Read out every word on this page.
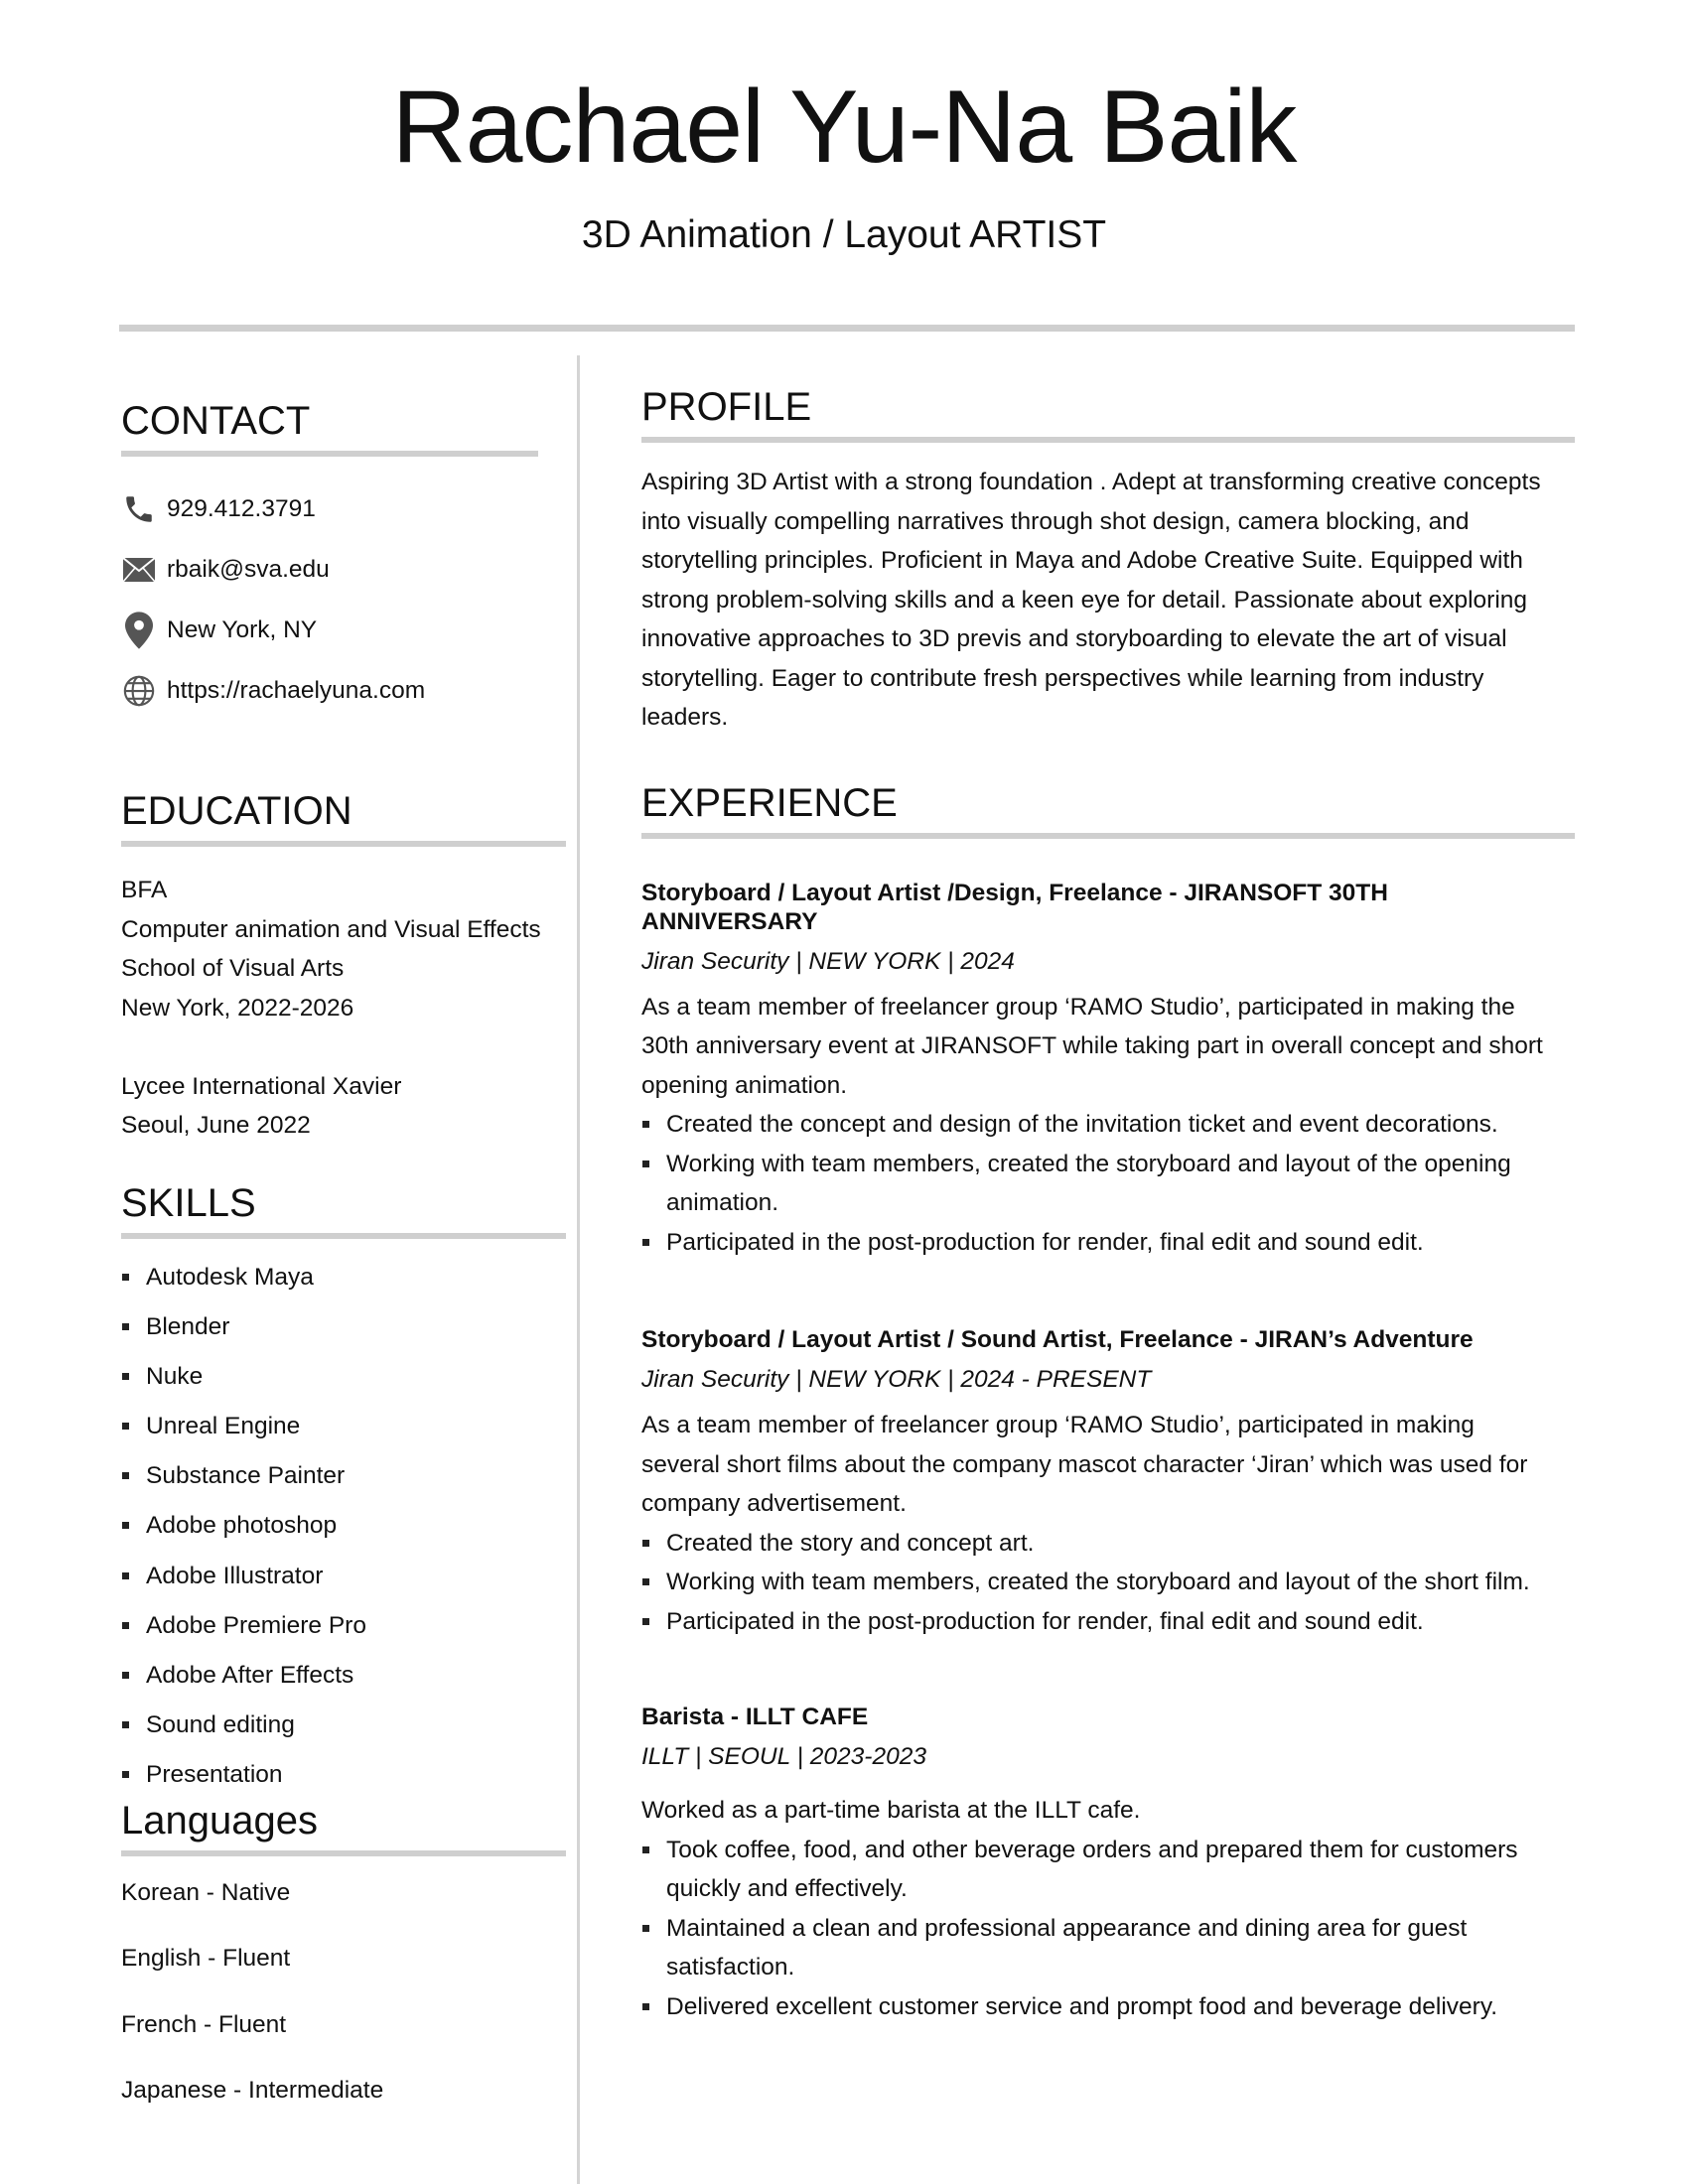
Rachael Yu-Na Baik
3D Animation / Layout ARTIST
CONTACT
929.412.3791
rbaik@sva.edu
New York, NY
https://rachaelyuna.com
EDUCATION
BFA
Computer animation and Visual Effects
School of Visual Arts
New York, 2022-2026
Lycee International Xavier
Seoul, June 2022
SKILLS
Autodesk Maya
Blender
Nuke
Unreal Engine
Substance Painter
Adobe photoshop
Adobe Illustrator
Adobe Premiere Pro
Adobe After Effects
Sound editing
Presentation
Languages
Korean - Native
English - Fluent
French - Fluent
Japanese - Intermediate
PROFILE
Aspiring 3D Artist with a strong foundation . Adept at transforming creative concepts
into visually compelling narratives through shot design, camera blocking, and
storytelling principles. Proficient in Maya and Adobe Creative Suite. Equipped with
strong problem-solving skills and a keen eye for detail. Passionate about exploring
innovative approaches to 3D previs and storyboarding to elevate the art of visual
storytelling. Eager to contribute fresh perspectives while learning from industry
leaders.
EXPERIENCE
Storyboard / Layout Artist /Design, Freelance - JIRANSOFT 30TH
ANNIVERSARY
Jiran Security | NEW YORK | 2024
As a team member of freelancer group ‘RAMO Studio’, participated in making the
30th anniversary event at JIRANSOFT while taking part in overall concept and short
opening animation.
Created the concept and design of the invitation ticket and event decorations.
Working with team members, created the storyboard and layout of the opening
animation.
Participated in the post-production for render, final edit and sound edit.
Storyboard / Layout Artist / Sound Artist, Freelance - JIRAN’s Adventure
Jiran Security | NEW YORK | 2024 - PRESENT
As a team member of freelancer group ‘RAMO Studio’, participated in making
several short films about the company mascot character ‘Jiran’ which was used for
company advertisement.
Created the story and concept art.
Working with team members, created the storyboard and layout of the short film.
Participated in the post-production for render, final edit and sound edit.
Barista - ILLT CAFE
ILLT | SEOUL | 2023-2023
Worked as a part-time barista at the ILLT cafe.
Took coffee, food, and other beverage orders and prepared them for customers
quickly and effectively.
Maintained a clean and professional appearance and dining area for guest
satisfaction.
Delivered excellent customer service and prompt food and beverage delivery.
